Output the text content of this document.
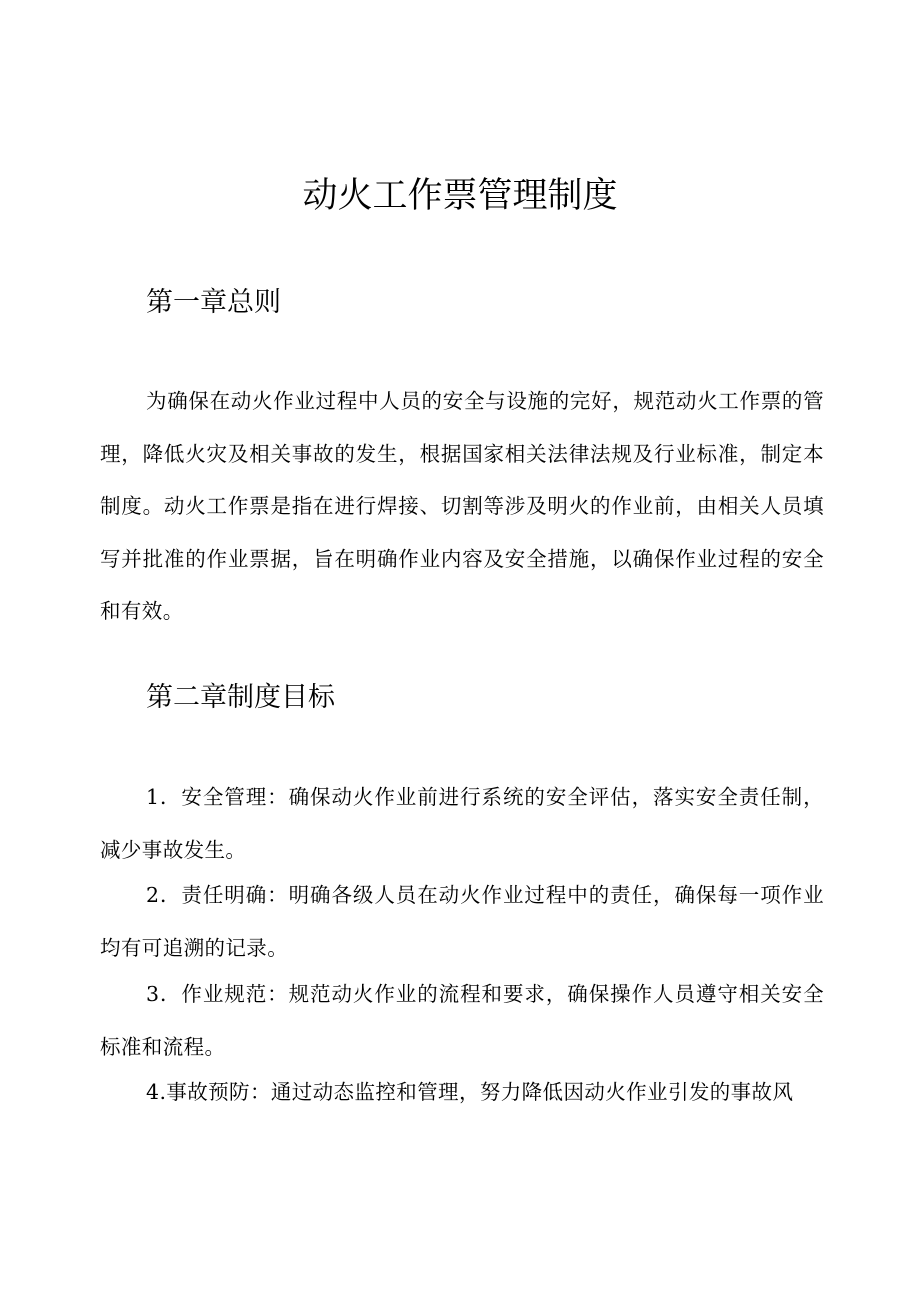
动火工作票管理制度
第一章总则

为确保在动火作业过程中人员的安全与设施的完好，规范动火工作票的管理，降低火灾及相关事故的发生，根据国家相关法律法规及行业标准，制定本制度。动火工作票是指在进行焊接、切割等涉及明火的作业前，由相关人员填写并批准的作业票据，旨在明确作业内容及安全措施，以确保作业过程的安全和有效。

第二章制度目标

1．安全管理：确保动火作业前进行系统的安全评估，落实安全责任制，减少事故发生。

2．责任明确：明确各级人员在动火作业过程中的责任，确保每一项作业均有可追溯的记录。

3．作业规范：规范动火作业的流程和要求，确保操作人员遵守相关安全标准和流程。

4.事故预防：通过动态监控和管理，努力降低因动火作业引发的事故风
